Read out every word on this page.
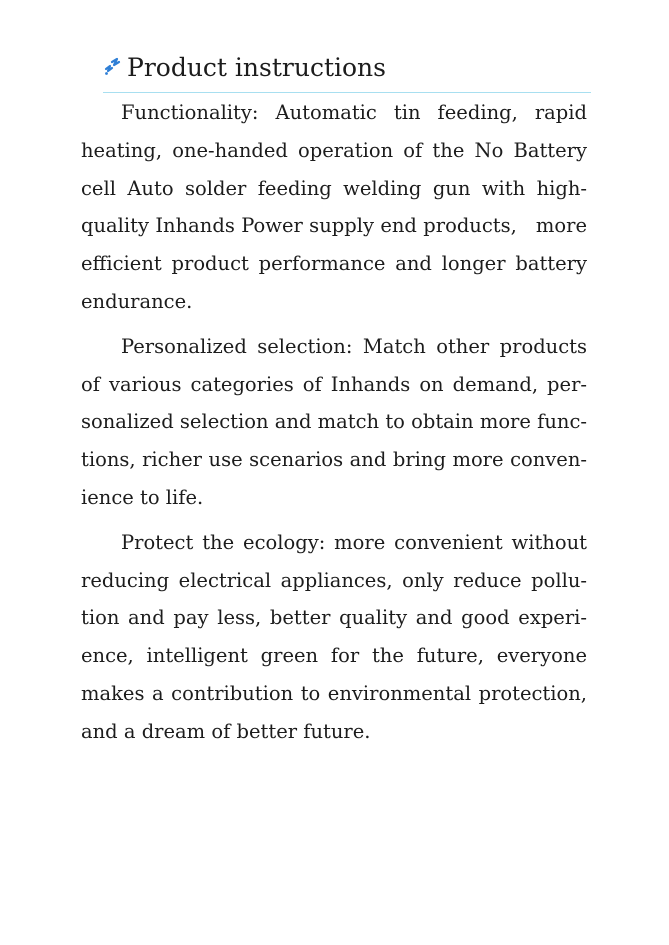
Product instructions

Functionality: Automatic tin feeding, rapid heating, one-handed operation of the No Battery cell Auto solder feeding welding gun with high-quality Inhands Power supply end products,   more efficient product performance and longer battery endurance.

Personalized selection: Match other products of various categories of Inhands on demand, personalized selection and match to obtain more functions, richer use scenarios and bring more convenience to life.

Protect the ecology: more convenient without reducing electrical appliances, only reduce pollution and pay less, better quality and good experience, intelligent green for the future, everyone makes a contribution to environmental protection, and a dream of better future.
